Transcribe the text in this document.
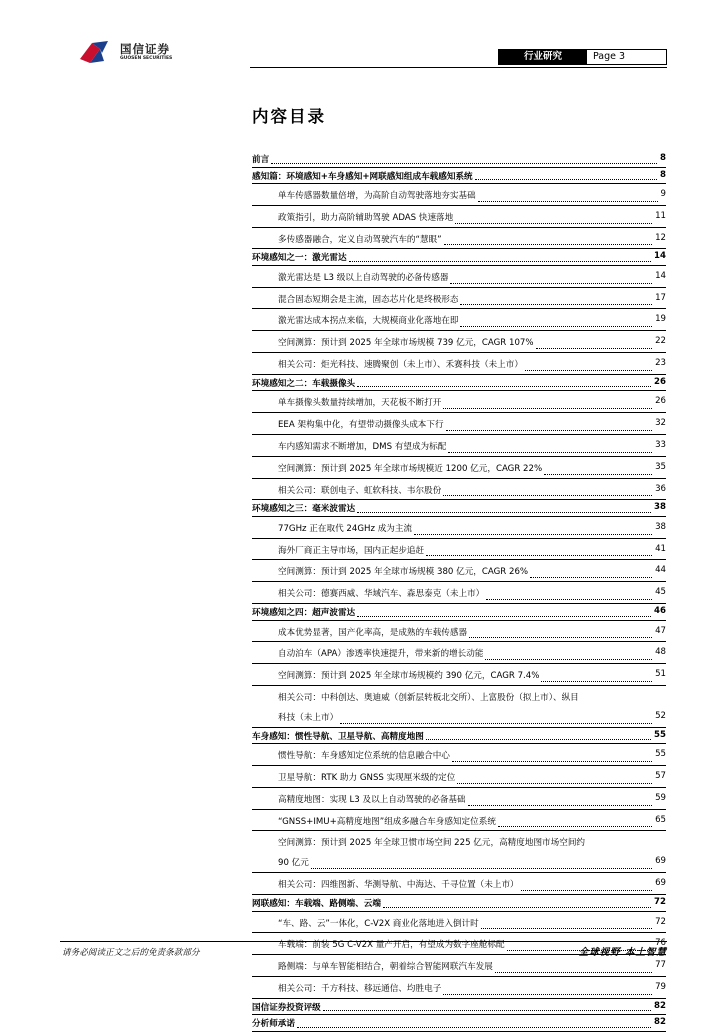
国信证券
GUOSEN SECURITIES	行业研究	Page 3
内容目录
前言	8
感知篇：环境感知+车身感知+网联感知组成车载感知系统	8
单车传感器数量倍增，为高阶自动驾驶落地夯实基础	9
政策指引，助力高阶辅助驾驶 ADAS 快速落地	11
多传感器融合，定义自动驾驶汽车的“慧眼”	12
环境感知之一：激光雷达	14
激光雷达是 L3 级以上自动驾驶的必备传感器	14
混合固态短期会是主流，固态芯片化是终极形态	17
激光雷达成本拐点来临，大规模商业化落地在即	19
空间测算：预计到 2025 年全球市场规模 739 亿元，CAGR 107%	22
相关公司：炬光科技、速腾聚创（未上市）、禾赛科技（未上市）	23
环境感知之二：车载摄像头	26
单车摄像头数量持续增加，天花板不断打开	26
EEA 架构集中化，有望带动摄像头成本下行	32
车内感知需求不断增加，DMS 有望成为标配	33
空间测算：预计到 2025 年全球市场规模近 1200 亿元，CAGR 22%	35
相关公司：联创电子、虹软科技、韦尔股份	36
环境感知之三：毫米波雷达	38
77GHz 正在取代 24GHz 成为主流	38
海外厂商正主导市场，国内正起步追赶	41
空间测算：预计到 2025 年全球市场规模 380 亿元，CAGR 26%	44
相关公司：德赛西威、华域汽车、森思泰克（未上市）	45
环境感知之四：超声波雷达	46
成本优势显著，国产化率高，是成熟的车载传感器	47
自动泊车（APA）渗透率快速提升，带来新的增长动能	48
空间测算：预计到 2025 年全球市场规模约 390 亿元，CAGR 7.4%	51
相关公司：中科创达、奥迪威（创新层转板北交所）、上富股份（拟上市）、纵目
科技（未上市）	52
车身感知：惯性导航、卫星导航、高精度地图	55
惯性导航：车身感知定位系统的信息融合中心	55
卫星导航：RTK 助力 GNSS 实现厘米级的定位	57
高精度地图：实现 L3 及以上自动驾驶的必备基础	59
“GNSS+IMU+高精度地图”组成多融合车身感知定位系统	65
空间测算：预计到 2025 年全球卫惯市场空间 225 亿元，高精度地图市场空间约
90 亿元	69
相关公司：四维图新、华测导航、中海达、千寻位置（未上市）	69
网联感知：车载端、路侧端、云端	72
“车、路、云”一体化，C-V2X 商业化落地进入倒计时	72
车载端：前装 5G C-V2X 量产开启，有望成为数字座舱标配	76
路侧端：与单车智能相结合，朝着综合智能网联汽车发展	77
相关公司：千方科技、移远通信、均胜电子	79
国信证券投资评级	82
分析师承诺	82
请务必阅读正文之后的免责条款部分	全球视野 本土智慧
